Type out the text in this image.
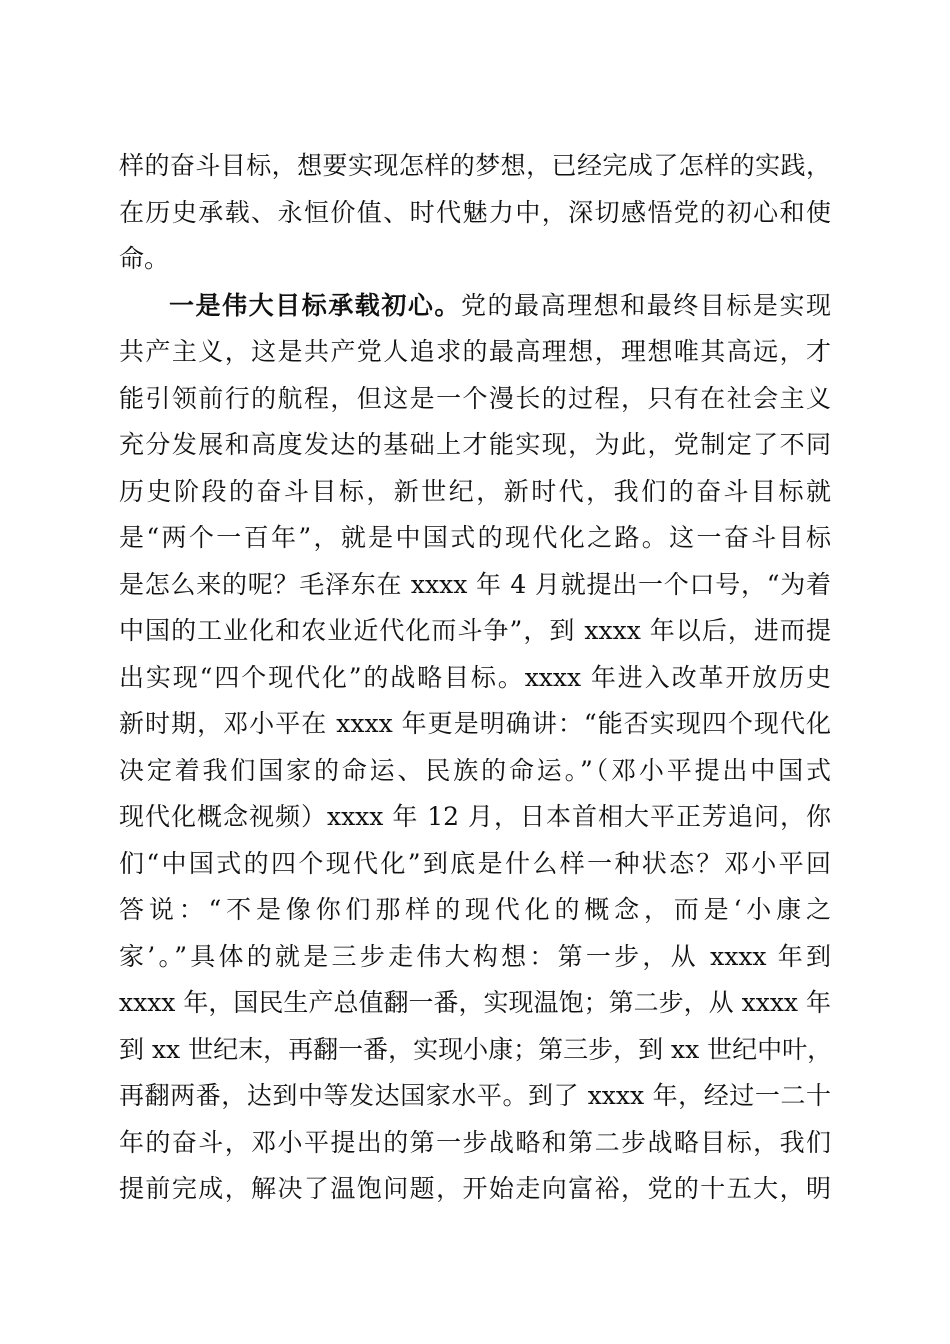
样的奋斗目标，想要实现怎样的梦想，已经完成了怎样的实践，
在历史承载、永恒价值、时代魅力中，深切感悟党的初心和使
命。
一是伟大目标承载初心。党的最高理想和最终目标是实现
共产主义，这是共产党人追求的最高理想，理想唯其高远，才
能引领前行的航程，但这是一个漫长的过程，只有在社会主义
充分发展和高度发达的基础上才能实现，为此，党制定了不同
历史阶段的奋斗目标，新世纪，新时代，我们的奋斗目标就
是“两个一百年”，就是中国式的现代化之路。这一奋斗目标
是怎么来的呢？毛泽东在 xxxx 年 4 月就提出一个口号，“为着
中国的工业化和农业近代化而斗争”，到 xxxx 年以后，进而提
出实现“四个现代化”的战略目标。xxxx 年进入改革开放历史
新时期，邓小平在 xxxx 年更是明确讲：“能否实现四个现代化
决定着我们国家的命运、民族的命运。”（邓小平提出中国式
现代化概念视频）xxxx 年 12 月，日本首相大平正芳追问，你
们“中国式的四个现代化”到底是什么样一种状态？邓小平回
答说：“不是像你们那样的现代化的概念，而是‘小康之
家’。”具体的就是三步走伟大构想：第一步，从 xxxx 年到
xxxx 年，国民生产总值翻一番，实现温饱；第二步，从 xxxx 年
到 xx 世纪末，再翻一番，实现小康；第三步，到 xx 世纪中叶，
再翻两番，达到中等发达国家水平。到了 xxxx 年，经过一二十
年的奋斗，邓小平提出的第一步战略和第二步战略目标，我们
提前完成，解决了温饱问题，开始走向富裕，党的十五大，明
